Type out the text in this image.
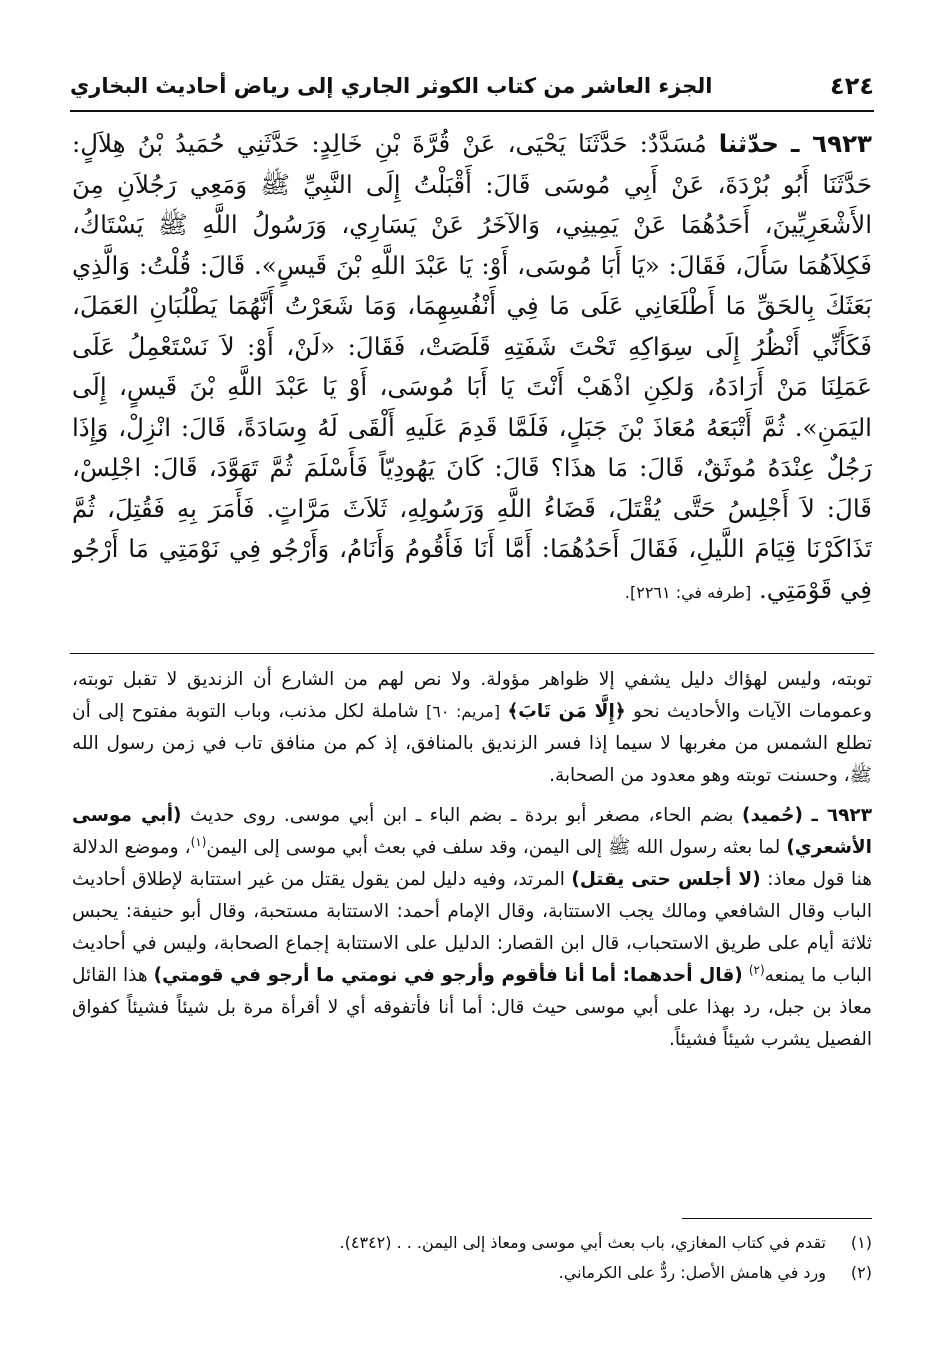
٤٢٤
الجزء العاشر من كتاب الكوثر الجاري إلى رياض أحاديث البخاري
٦٩٢٣ ـ حدّثنا مُسَدَّدٌ: حَدَّثَنَا يَحْيَى، عَنْ قُرَّةَ بْنِ خَالِدٍ: حَدَّثَنِي حُمَيدُ بْنُ هِلاَلٍ: حَدَّثَنَا أَبُو بُرْدَةَ، عَنْ أَبِي مُوسَى قَالَ: أَقْبَلْتُ إِلَى النَّبِيِّ ﷺ وَمَعِي رَجُلاَنِ مِنَ الأَشْعَرِيِّينَ، أَحَدُهُمَا عَنْ يَمِينِي، وَالآخَرُ عَنْ يَسَارِي، وَرَسُولُ اللَّهِ ﷺ يَسْتَاكُ، فَكِلاَهُمَا سَأَلَ، فَقَالَ: «يَا أَبَا مُوسَى، أَوْ: يَا عَبْدَ اللَّهِ بْنَ قَيسٍ». قَالَ: قُلْتُ: وَالَّذِي بَعَثَكَ بِالحَقِّ مَا أَطْلَعَانِي عَلَى مَا فِي أَنْفُسِهِمَا، وَمَا شَعَرْتُ أَنَّهُمَا يَطْلُبَانِ العَمَلَ، فَكَأَنِّي أَنْظُرُ إِلَى سِوَاكِهِ تَحْتَ شَفَتِهِ قَلَصَتْ، فَقَالَ: «لَنْ، أَوْ: لاَ نَسْتَعْمِلُ عَلَى عَمَلِنَا مَنْ أَرَادَهُ، وَلكِنِ اذْهَبْ أَنْتَ يَا أَبَا مُوسَى، أَوْ يَا عَبْدَ اللَّهِ بْنَ قَيسٍ، إِلَى اليَمَنِ». ثُمَّ أَتْبَعَهُ مُعَاذَ بْنَ جَبَلٍ، فَلَمَّا قَدِمَ عَلَيهِ أَلْقَى لَهُ وِسَادَةً، قَالَ: انْزِلْ، وَإِذَا رَجُلٌ عِنْدَهُ مُوثَقٌ، قَالَ: مَا هذَا؟ قَالَ: كَانَ يَهُودِيّاً فَأَسْلَمَ ثُمَّ تَهَوَّدَ، قَالَ: اجْلِسْ، قَالَ: لاَ أَجْلِسُ حَتَّى يُقْتَلَ، قَضَاءُ اللَّهِ وَرَسُولِهِ، ثَلاَثَ مَرَّاتٍ. فَأَمَرَ بِهِ فَقُتِلَ، ثُمَّ تَذَاكَرْنَا قِيَامَ اللَّيلِ، فَقَالَ أَحَدُهُمَا: أَمَّا أَنَا فَأَقُومُ وَأَنَامُ، وَأَرْجُو فِي نَوْمَتِي مَا أَرْجُو فِي قَوْمَتِي. [طرفه في: ٢٢٦١].

توبته، وليس لهؤاك دليل يشفي إلا ظواهر مؤولة. ولا نص لهم من الشارع أن الزنديق لا تقبل توبته، وعمومات الآيات والأحاديث نحو ﴿إِلَّا مَن تَابَ﴾ [مريم: ٦٠] شاملة لكل مذنب، وباب التوبة مفتوح إلى أن تطلع الشمس من مغربها لا سيما إذا فسر الزنديق بالمنافق، إذ كم من منافق تاب في زمن رسول الله ﷺ، وحسنت توبته وهو معدود من الصحابة.

٦٩٢٣ ـ (حُميد) بضم الحاء، مصغر أبو بردة ـ بضم الباء ـ ابن أبي موسى. روى حديث (أبي موسى الأشعري) لما بعثه رسول الله ﷺ إلى اليمن، وقد سلف في بعث أبي موسى إلى اليمن$^{(١)}$، وموضع الدلالة هنا قول معاذ: (لا أجلس حتى يقتل) المرتد، وفيه دليل لمن يقول يقتل من غير استتابة لإطلاق أحاديث الباب وقال الشافعي ومالك يجب الاستتابة، وقال الإمام أحمد: الاستتابة مستحبة، وقال أبو حنيفة: يحبس ثلاثة أيام على طريق الاستحباب، قال ابن القصار: الدليل على الاستتابة إجماع الصحابة، وليس في أحاديث الباب ما يمنعه$^{(٢)}$ (قال أحدهما: أما أنا فأقوم وأرجو في نومتي ما أرجو في قومتي) هذا القائل معاذ بن جبل، رد بهذا على أبي موسى حيث قال: أما أنا فأتفوقه أي لا أقرأة مرة بل شيئاً فشيئاً كفواق الفصيل يشرب شيئاً فشيئاً.

(١)
تقدم في كتاب المغازي، باب بعث أبي موسى ومعاذ إلى اليمن. . . (٤٣٤٢).
(٢)
ورد في هامش الأصل: ردٌّ على الكرماني.
